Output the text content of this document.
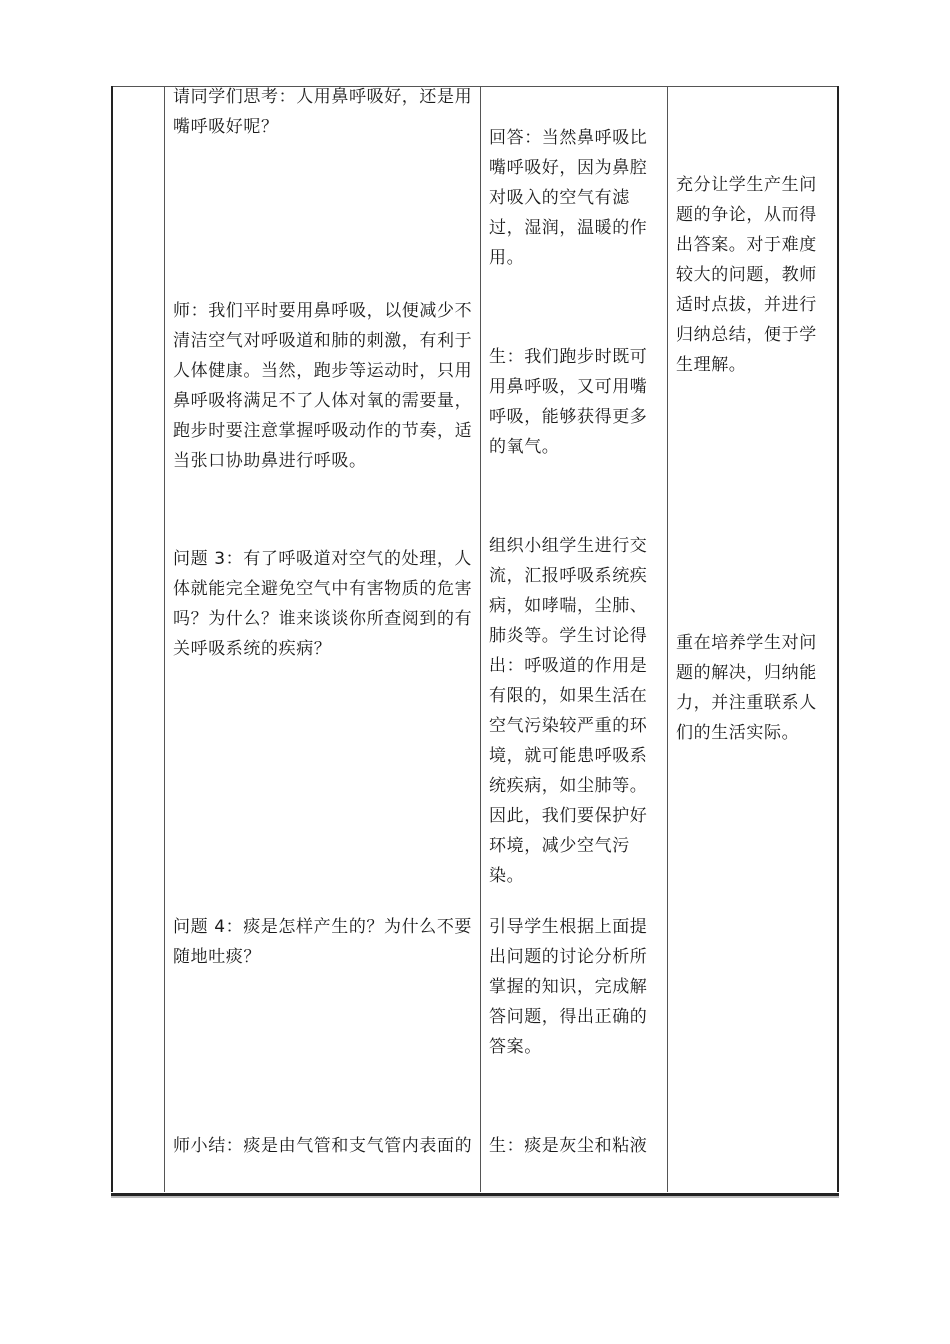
请同学们思考：人用鼻呼吸好，还是用
嘴呼吸好呢？

师：我们平时要用鼻呼吸，以便减少不
清洁空气对呼吸道和肺的刺激，有利于
人体健康。当然，跑步等运动时，只用
鼻呼吸将满足不了人体对氧的需要量，
跑步时要注意掌握呼吸动作的节奏，适
当张口协助鼻进行呼吸。

问题 3：有了呼吸道对空气的处理，人
体就能完全避免空气中有害物质的危害
吗？为什么？谁来谈谈你所查阅到的有
关呼吸系统的疾病？

问题 4：痰是怎样产生的？为什么不要
随地吐痰？

师小结：痰是由气管和支气管内表面的

回答：当然鼻呼吸比
嘴呼吸好，因为鼻腔
对吸入的空气有滤
过，湿润，温暖的作
用。

生：我们跑步时既可
用鼻呼吸，又可用嘴
呼吸，能够获得更多
的氧气。

组织小组学生进行交
流，汇报呼吸系统疾
病，如哮喘，尘肺、
肺炎等。学生讨论得
出：呼吸道的作用是
有限的，如果生活在
空气污染较严重的环
境，就可能患呼吸系
统疾病，如尘肺等。
因此，我们要保护好
环境，减少空气污
染。

引导学生根据上面提
出问题的讨论分析所
掌握的知识，完成解
答问题，得出正确的
答案。

生：痰是灰尘和粘液

充分让学生产生问
题的争论，从而得
出答案。对于难度
较大的问题，教师
适时点拔，并进行
归纳总结，便于学
生理解。

重在培养学生对问
题的解决，归纳能
力，并注重联系人
们的生活实际。
